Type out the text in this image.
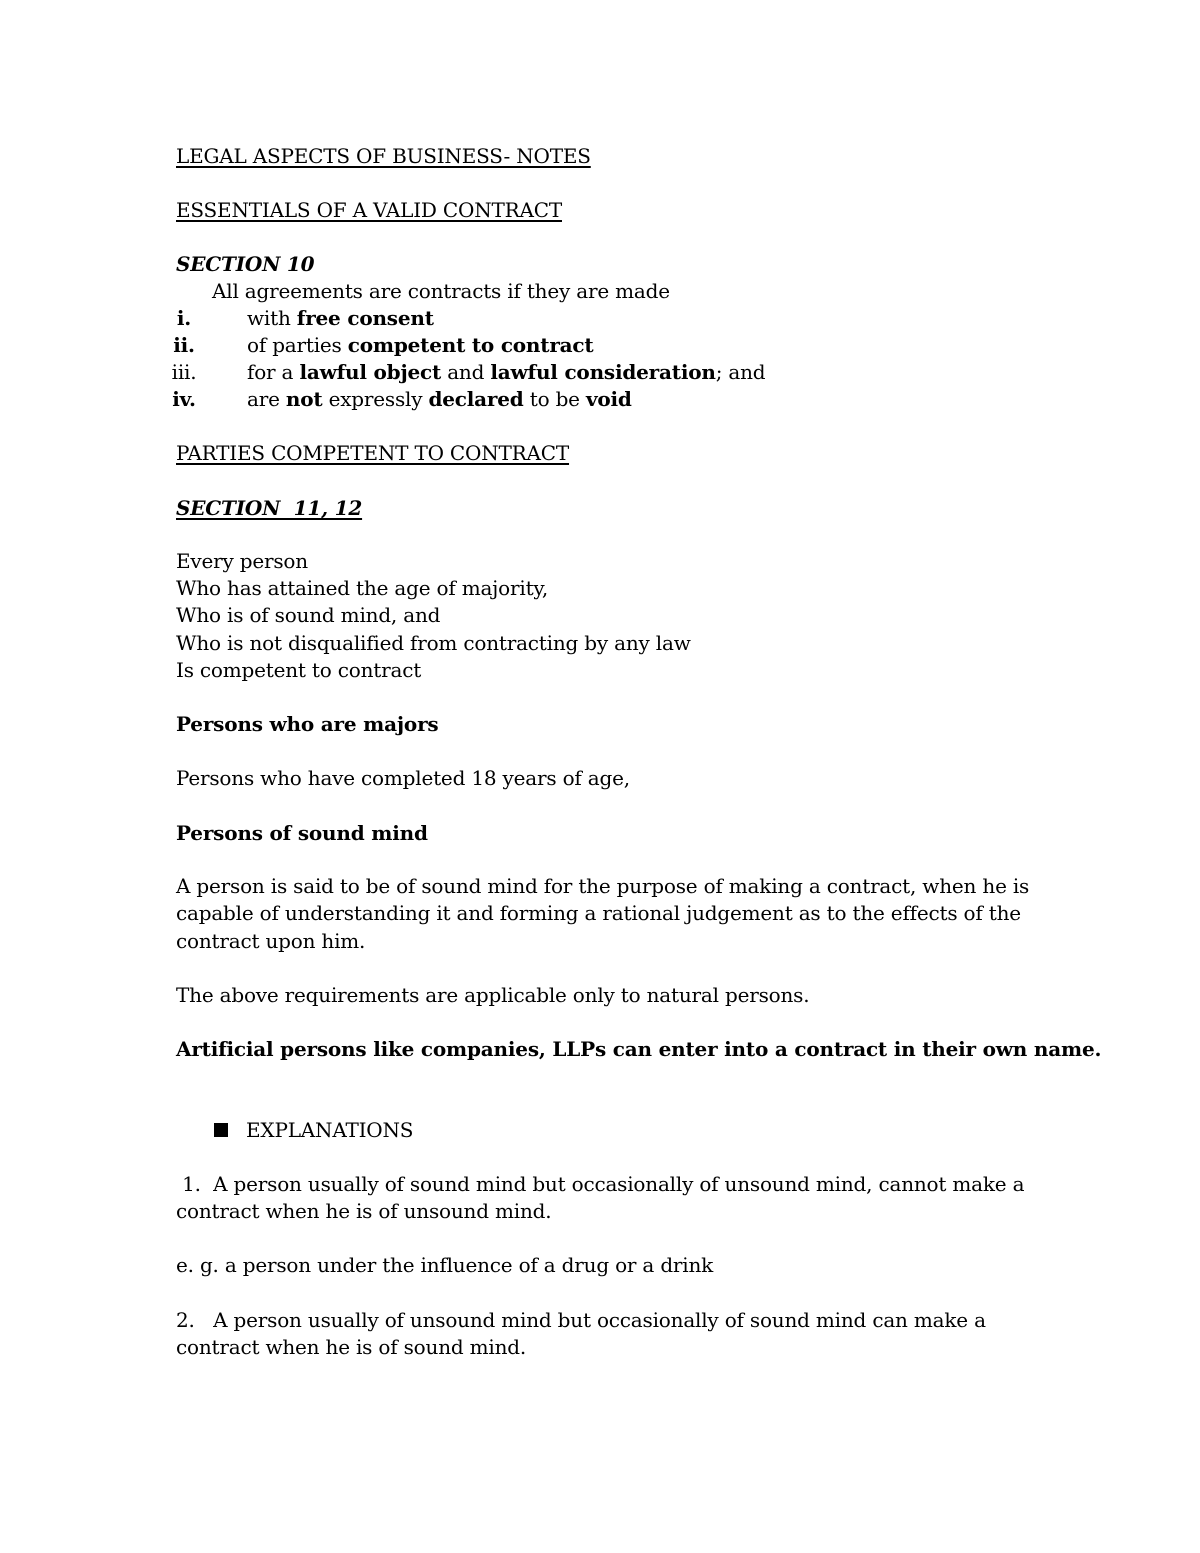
LEGAL ASPECTS OF BUSINESS- NOTES
ESSENTIALS OF A VALID CONTRACT
SECTION 10
All agreements are contracts if they are made
i.	with free consent
ii.	of parties competent to contract
iii.	for a lawful object and lawful consideration; and
iv.	are not expressly declared to be void
PARTIES COMPETENT TO CONTRACT
SECTION  11, 12
Every person
Who has attained the age of majority,
Who is of sound mind, and
Who is not disqualified from contracting by any law
Is competent to contract
Persons who are majors
Persons who have completed 18 years of age,
Persons of sound mind
A person is said to be of sound mind for the purpose of making a contract, when he is
capable of understanding it and forming a rational judgement as to the effects of the
contract upon him.
The above requirements are applicable only to natural persons.
Artificial persons like companies, LLPs can enter into a contract in their own name.
EXPLANATIONS
1.  A person usually of sound mind but occasionally of unsound mind, cannot make a
contract when he is of unsound mind.
e. g. a person under the influence of a drug or a drink
2.   A person usually of unsound mind but occasionally of sound mind can make a
contract when he is of sound mind.
